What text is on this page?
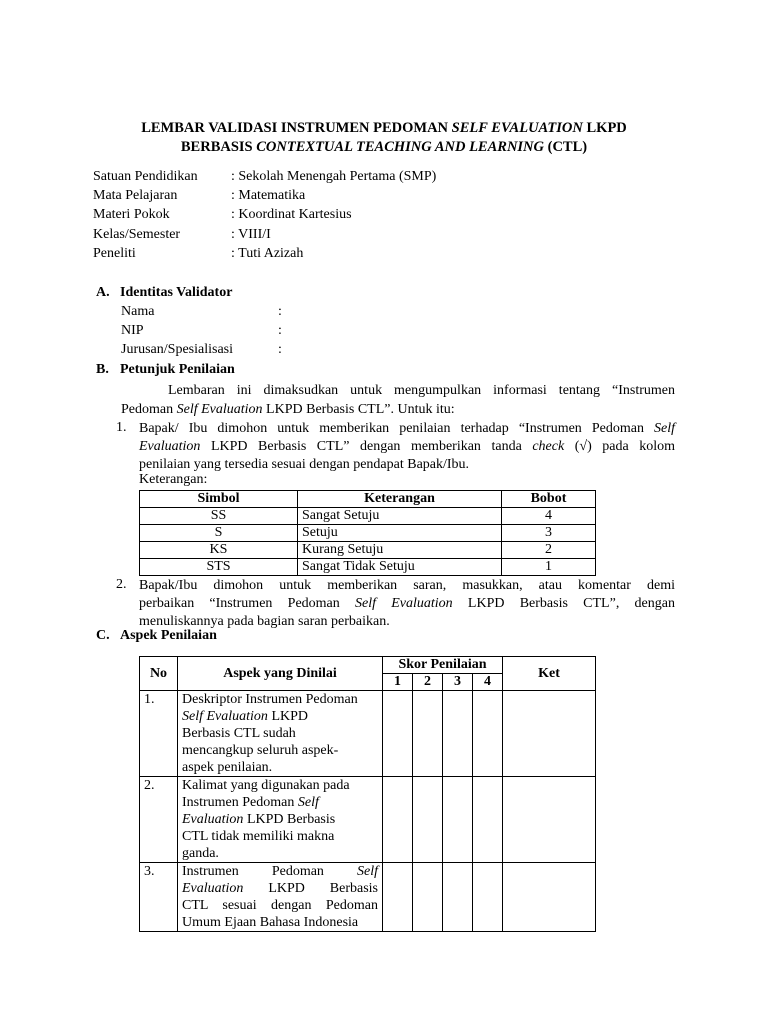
LEMBAR VALIDASI INSTRUMEN PEDOMAN SELF EVALUATION LKPD
BERBASIS CONTEXTUAL TEACHING AND LEARNING (CTL)
Satuan Pendidikan : Sekolah Menengah Pertama (SMP)
Mata Pelajaran	: Matematika
Materi Pokok	: Koordinat Kartesius
Kelas/Semester	: VIII/I
Peneliti	: Tuti Azizah
A. Identitas Validator
Nama	:
NIP	:
Jurusan/Spesialisasi	:
B. Petunjuk Penilaian
Lembaran ini dimaksudkan untuk mengumpulkan informasi tentang “Instrumen
Pedoman Self Evaluation LKPD Berbasis CTL”. Untuk itu:
1. Bapak/ Ibu dimohon untuk memberikan penilaian terhadap “Instrumen Pedoman Self
Evaluation LKPD Berbasis CTL” dengan memberikan tanda check (√) pada kolom
penilaian yang tersedia sesuai dengan pendapat Bapak/Ibu.
Keterangan:
Simbol	Keterangan	Bobot
SS	Sangat Setuju	4
S	Setuju	3
KS	Kurang Setuju	2
STS	Sangat Tidak Setuju	1
2. Bapak/Ibu dimohon untuk memberikan saran, masukkan, atau komentar demi
perbaikan “Instrumen Pedoman Self Evaluation LKPD Berbasis CTL”, dengan
menuliskannya pada bagian saran perbaikan.
C. Aspek Penilaian
No	Aspek yang Dinilai	Skor Penilaian				Ket
		1	2	3	4	
1.	Deskriptor Instrumen Pedoman
Self Evaluation LKPD
Berbasis CTL sudah
mencangkup seluruh aspek-
aspek penilaian.					

2.	Kalimat yang digunakan pada
Instrumen Pedoman Self
Evaluation LKPD Berbasis
CTL tidak memiliki makna
ganda.					

3.	Instrumen Pedoman Self
Evaluation LKPD Berbasis
CTL sesuai dengan Pedoman
Umum Ejaan Bahasa Indonesia					
